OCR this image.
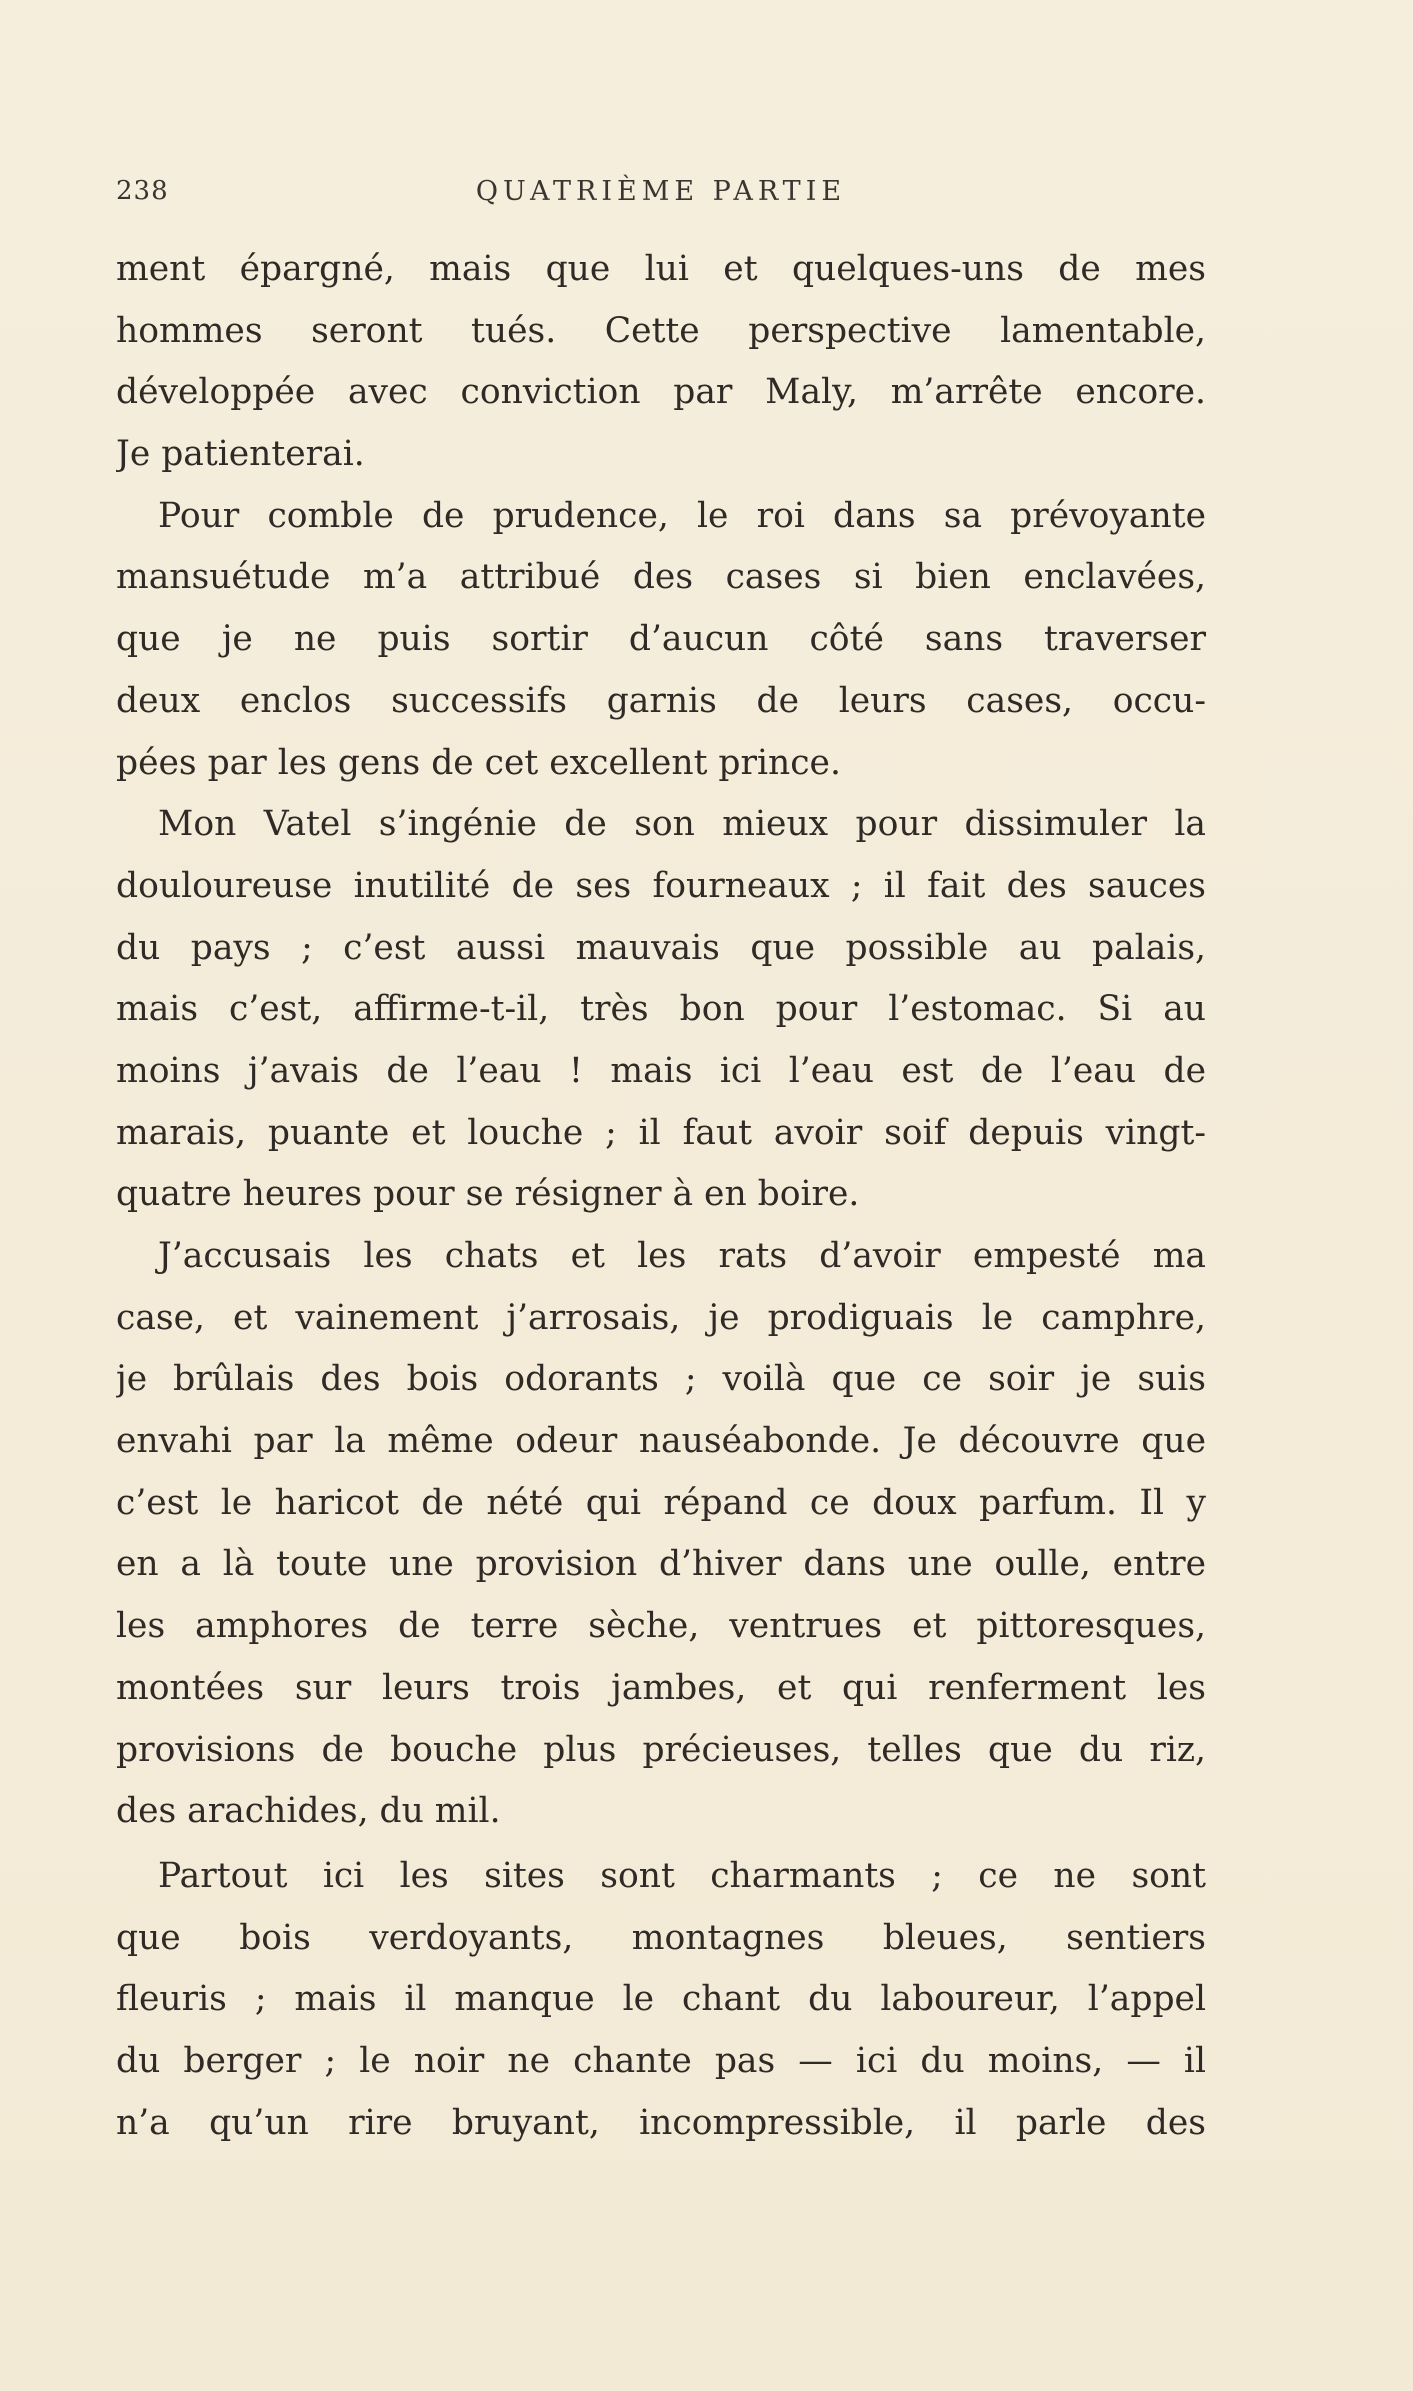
238	QUATRIÈME PARTIE
ment épargné, mais que lui et quelques-uns de mes
hommes seront tués. Cette perspective lamentable,
développée avec conviction par Maly, m’arrête encore.
Je patienterai.
Pour comble de prudence, le roi dans sa prévoyante
mansuétude m’a attribué des cases si bien enclavées,
que je ne puis sortir d’aucun côté sans traverser
deux enclos successifs garnis de leurs cases, occu-
pées par les gens de cet excellent prince.
Mon Vatel s’ingénie de son mieux pour dissimuler la
douloureuse inutilité de ses fourneaux ; il fait des sauces
du pays ; c’est aussi mauvais que possible au palais,
mais c’est, affirme-t-il, très bon pour l’estomac. Si au
moins j’avais de l’eau ! mais ici l’eau est de l’eau de
marais, puante et louche ; il faut avoir soif depuis vingt-
quatre heures pour se résigner à en boire.
J’accusais les chats et les rats d’avoir empesté ma
case, et vainement j’arrosais, je prodiguais le camphre,
je brûlais des bois odorants ; voilà que ce soir je suis
envahi par la même odeur nauséabonde. Je découvre que
c’est le haricot de nété qui répand ce doux parfum. Il y
en a là toute une provision d’hiver dans une oulle, entre
les amphores de terre sèche, ventrues et pittoresques,
montées sur leurs trois jambes, et qui renferment les
provisions de bouche plus précieuses, telles que du riz,
des arachides, du mil.
Partout ici les sites sont charmants ; ce ne sont
que bois verdoyants, montagnes bleues, sentiers
fleuris ; mais il manque le chant du laboureur, l’appel
du berger ; le noir ne chante pas — ici du moins, — il
n’a qu’un rire bruyant, incompressible, il parle des
